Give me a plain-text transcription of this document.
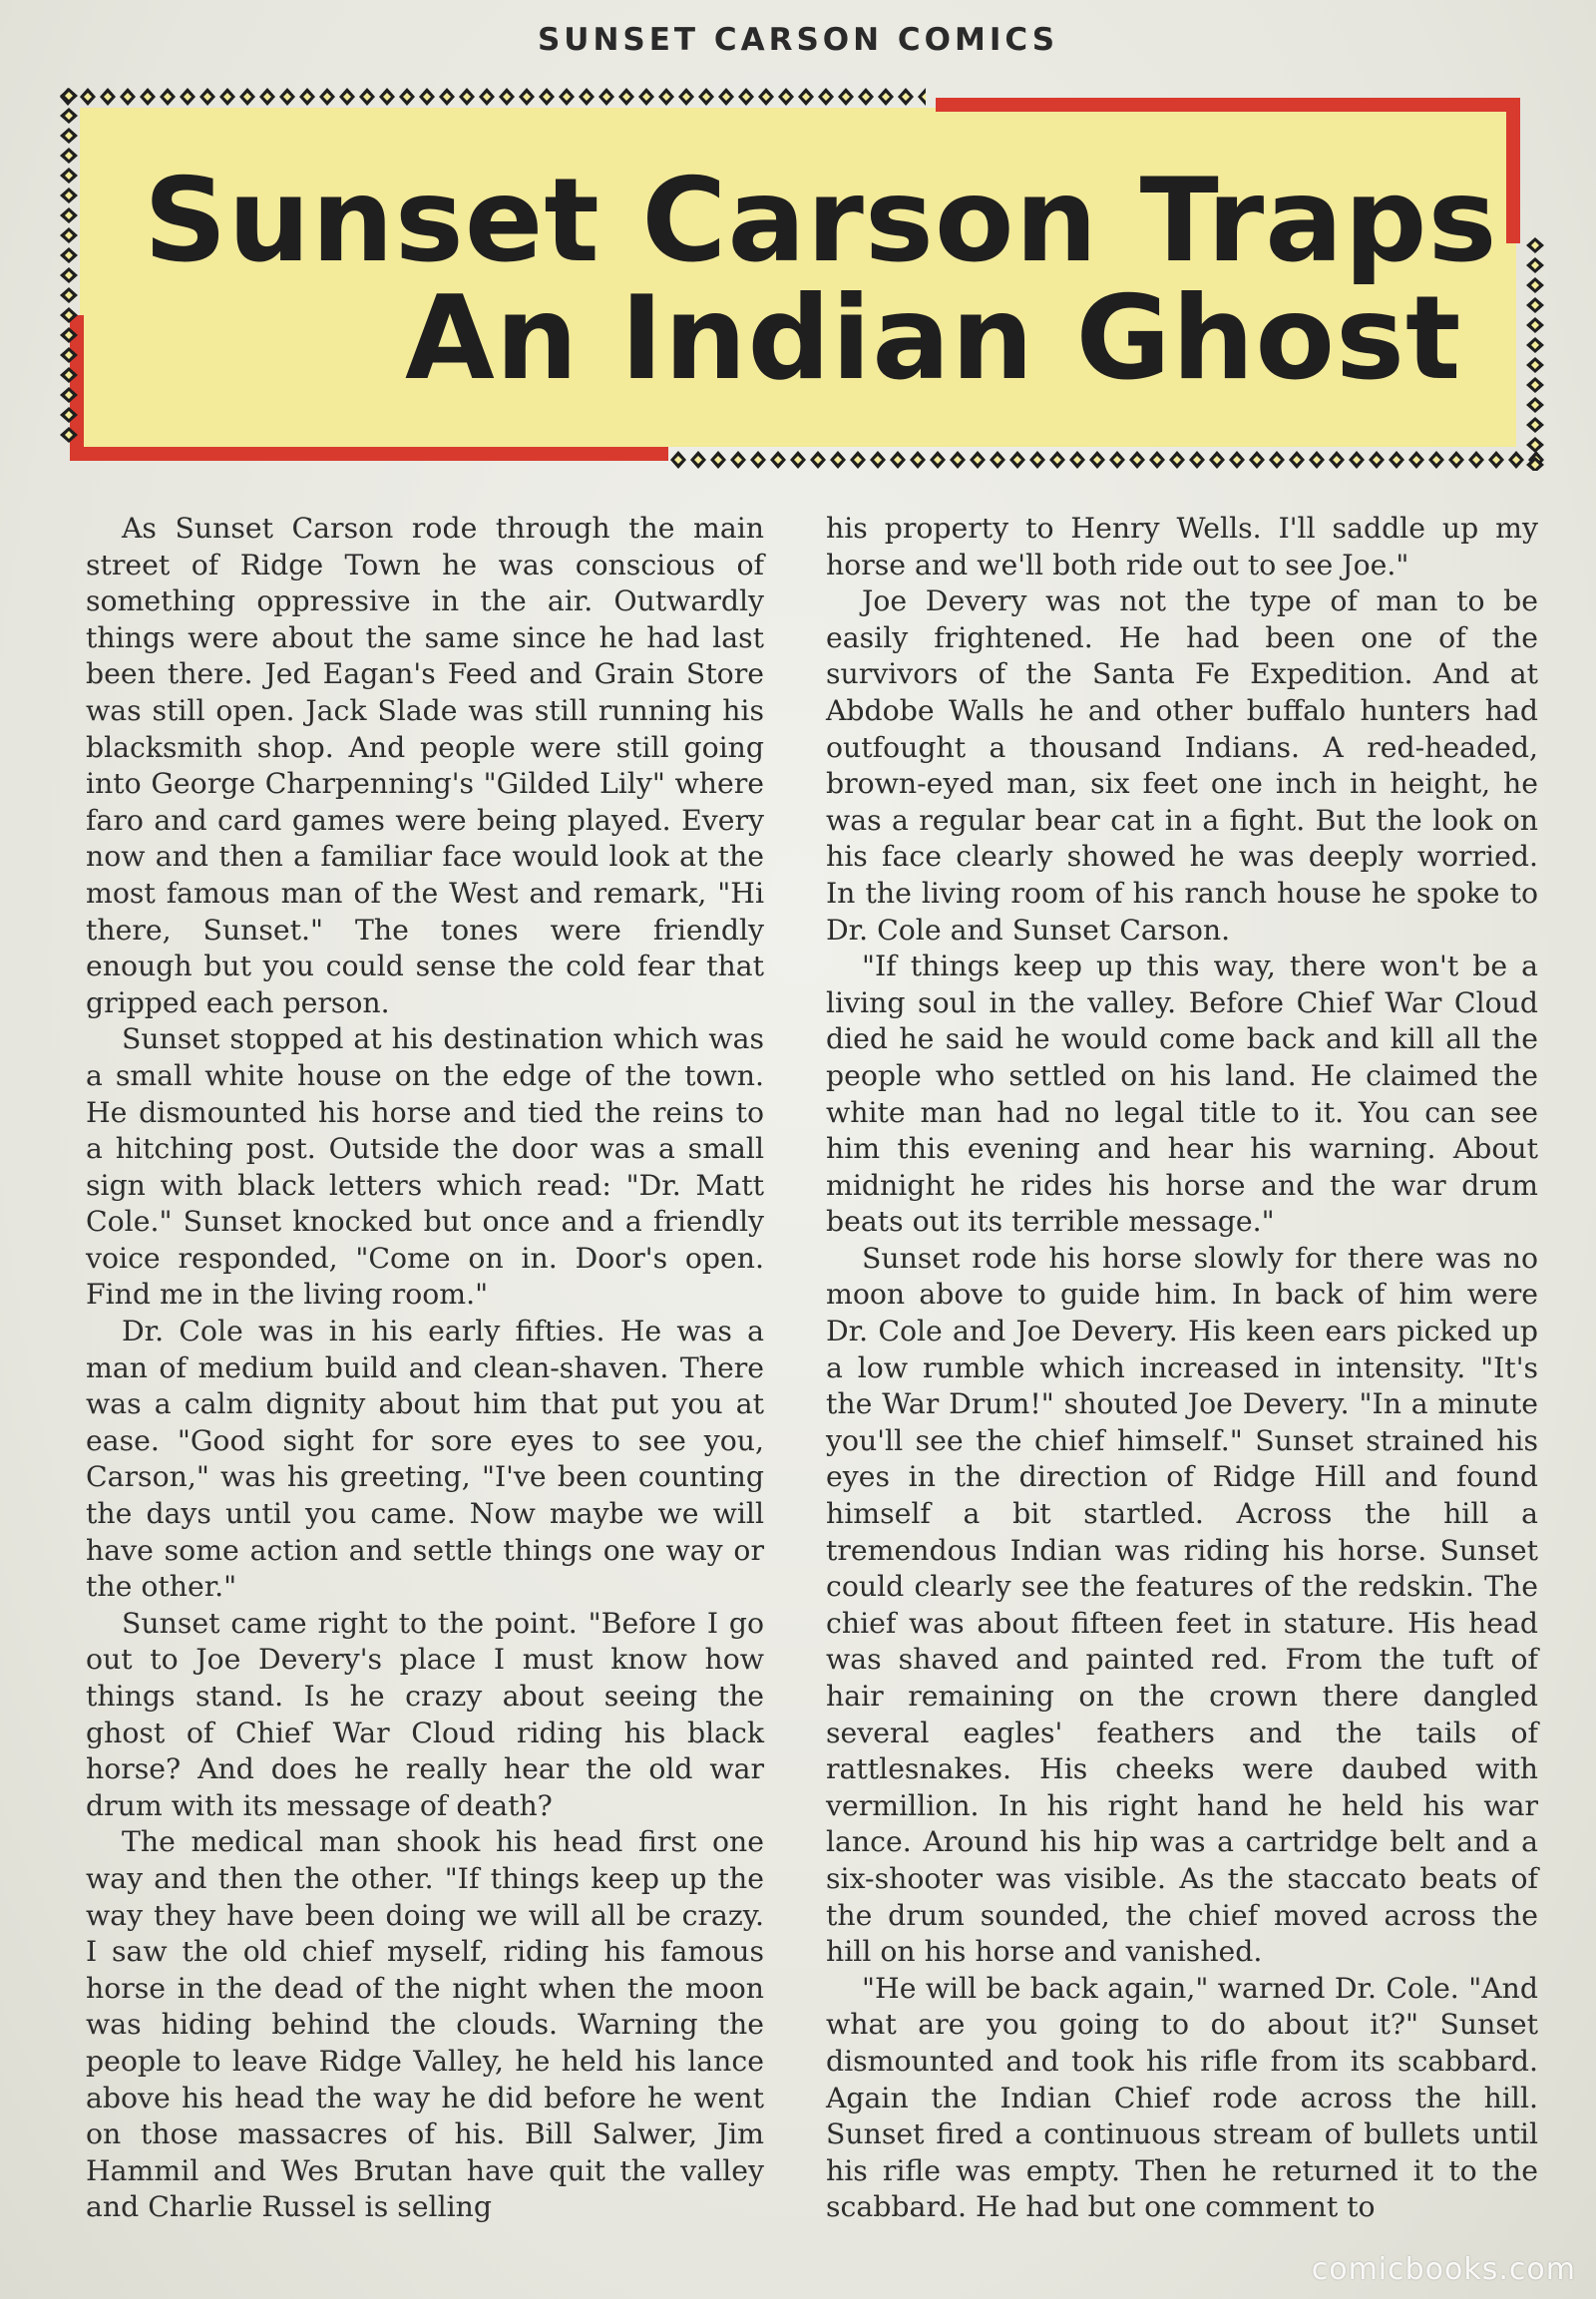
SUNSET CARSON COMICS
Sunset Carson Traps
An Indian Ghost

As Sunset Carson rode through the main street of Ridge Town he was conscious of something oppressive in the air. Outwardly things were about the same since he had last been there. Jed Eagan's Feed and Grain Store was still open. Jack Slade was still running his blacksmith shop. And people were still going into George Charpenning's "Gilded Lily" where faro and card games were being played. Every now and then a familiar face would look at the most famous man of the West and remark, "Hi there, Sunset." The tones were friendly enough but you could sense the cold fear that gripped each person.

Sunset stopped at his destination which was a small white house on the edge of the town. He dismounted his horse and tied the reins to a hitching post. Outside the door was a small sign with black letters which read: "Dr. Matt Cole." Sunset knocked but once and a friendly voice responded, "Come on in. Door's open. Find me in the living room."

Dr. Cole was in his early fifties. He was a man of medium build and clean-shaven. There was a calm dignity about him that put you at ease. "Good sight for sore eyes to see you, Carson," was his greeting, "I've been counting the days until you came. Now maybe we will have some action and settle things one way or the other."

Sunset came right to the point. "Before I go out to Joe Devery's place I must know how things stand. Is he crazy about seeing the ghost of Chief War Cloud riding his black horse? And does he really hear the old war drum with its message of death?

The medical man shook his head first one way and then the other. "If things keep up the way they have been doing we will all be crazy. I saw the old chief myself, riding his famous horse in the dead of the night when the moon was hiding behind the clouds. Warning the people to leave Ridge Valley, he held his lance above his head the way he did before he went on those massacres of his. Bill Salwer, Jim Hammil and Wes Brutan have quit the valley and Charlie Russel is selling

his property to Henry Wells. I'll saddle up my horse and we'll both ride out to see Joe."

Joe Devery was not the type of man to be easily frightened. He had been one of the survivors of the Santa Fe Expedition. And at Abdobe Walls he and other buffalo hunters had outfought a thousand Indians. A red-headed, brown-eyed man, six feet one inch in height, he was a regular bear cat in a fight. But the look on his face clearly showed he was deeply worried. In the living room of his ranch house he spoke to Dr. Cole and Sunset Carson.

"If things keep up this way, there won't be a living soul in the valley. Before Chief War Cloud died he said he would come back and kill all the people who settled on his land. He claimed the white man had no legal title to it. You can see him this evening and hear his warning. About midnight he rides his horse and the war drum beats out its terrible message."

Sunset rode his horse slowly for there was no moon above to guide him. In back of him were Dr. Cole and Joe Devery. His keen ears picked up a low rumble which increased in intensity. "It's the War Drum!" shouted Joe Devery. "In a minute you'll see the chief himself." Sunset strained his eyes in the direction of Ridge Hill and found himself a bit startled. Across the hill a tremendous Indian was riding his horse. Sunset could clearly see the features of the redskin. The chief was about fifteen feet in stature. His head was shaved and painted red. From the tuft of hair remaining on the crown there dangled several eagles' feathers and the tails of rattlesnakes. His cheeks were daubed with vermillion. In his right hand he held his war lance. Around his hip was a cartridge belt and a six-shooter was visible. As the staccato beats of the drum sounded, the chief moved across the hill on his horse and vanished.

"He will be back again," warned Dr. Cole. "And what are you going to do about it?" Sunset dismounted and took his rifle from its scabbard. Again the Indian Chief rode across the hill. Sunset fired a continuous stream of bullets until his rifle was empty. Then he returned it to the scabbard. He had but one comment to

comicbooks.com
